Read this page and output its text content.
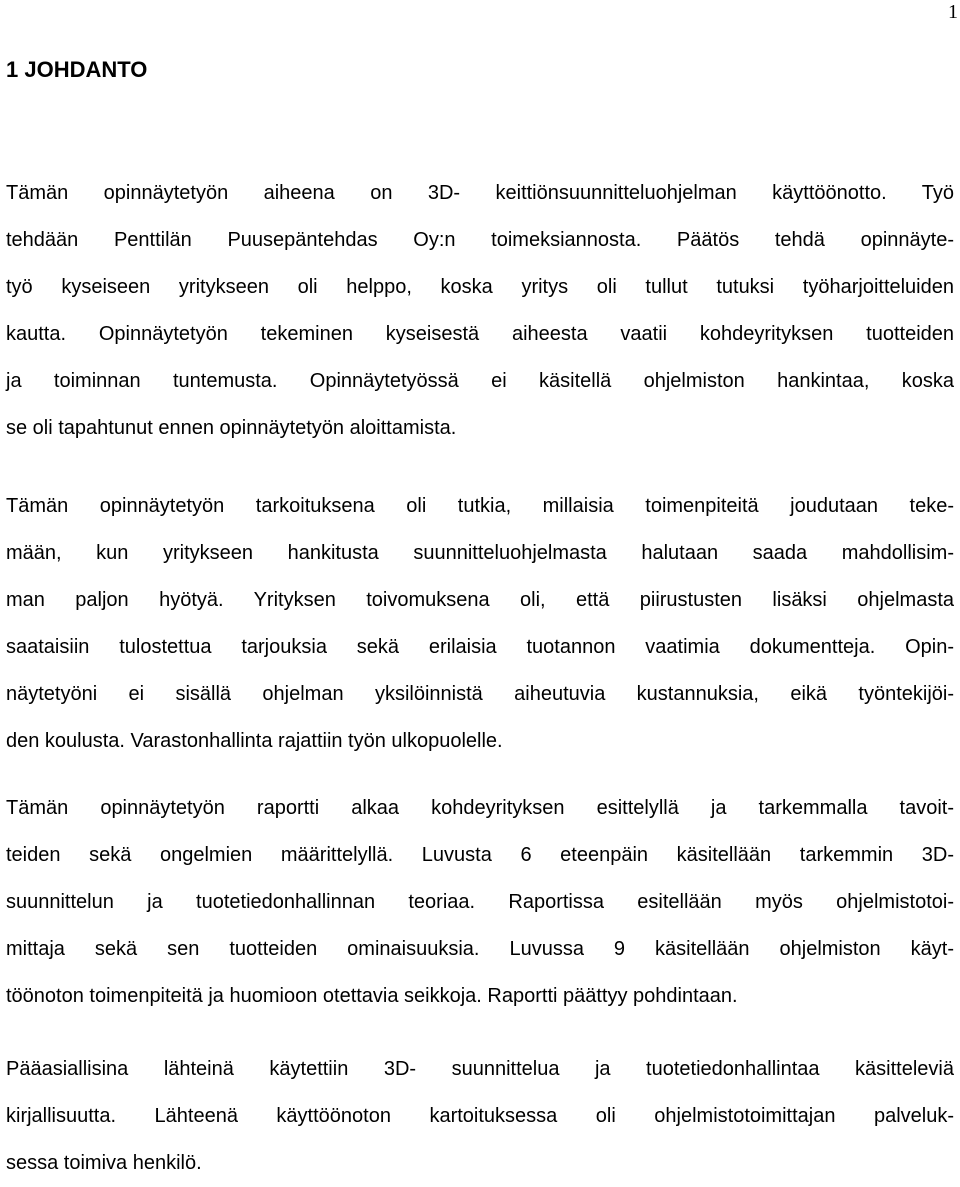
1
1 JOHDANTO
Tämän opinnäytetyön aiheena on 3D- keittiönsuunnitteluohjelman käyttöönotto. Työ
tehdään Penttilän Puusepäntehdas Oy:n toimeksiannosta. Päätös tehdä opinnäyte-
työ kyseiseen yritykseen oli helppo, koska yritys oli tullut tutuksi työharjoitteluiden
kautta. Opinnäytetyön tekeminen kyseisestä aiheesta vaatii kohdeyrityksen tuotteiden
ja toiminnan tuntemusta. Opinnäytetyössä ei käsitellä ohjelmiston hankintaa, koska
se oli tapahtunut ennen opinnäytetyön aloittamista.
Tämän opinnäytetyön tarkoituksena oli tutkia, millaisia toimenpiteitä joudutaan teke-
mään, kun yritykseen hankitusta suunnitteluohjelmasta halutaan saada mahdollisim-
man paljon hyötyä. Yrityksen toivomuksena oli, että piirustusten lisäksi ohjelmasta
saataisiin tulostettua tarjouksia sekä erilaisia tuotannon vaatimia dokumentteja. Opin-
näytetyöni ei sisällä ohjelman yksilöinnistä aiheutuvia kustannuksia, eikä työntekijöi-
den koulusta. Varastonhallinta rajattiin työn ulkopuolelle.
Tämän opinnäytetyön raportti alkaa kohdeyrityksen esittelyllä ja tarkemmalla tavoit-
teiden sekä ongelmien määrittelyllä. Luvusta 6 eteenpäin käsitellään tarkemmin 3D-
suunnittelun ja tuotetiedonhallinnan teoriaa. Raportissa esitellään myös ohjelmistotoi-
mittaja sekä sen tuotteiden ominaisuuksia. Luvussa 9 käsitellään ohjelmiston käyt-
töönoton toimenpiteitä ja huomioon otettavia seikkoja. Raportti päättyy pohdintaan.
Pääasiallisina lähteinä käytettiin 3D- suunnittelua ja tuotetiedonhallintaa käsitteleviä
kirjallisuutta. Lähteenä käyttöönoton kartoituksessa oli ohjelmistotoimittajan palveluk-
sessa toimiva henkilö.
